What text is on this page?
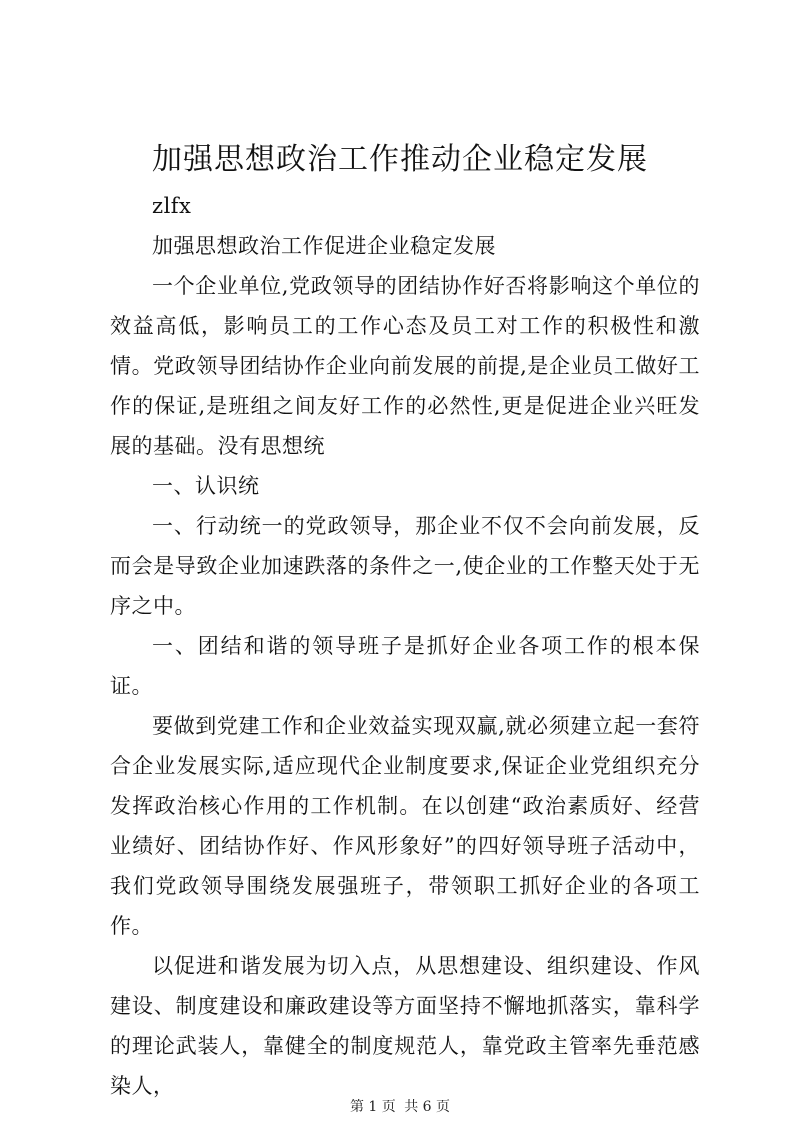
加强思想政治工作推动企业稳定发展

zlfx

加强思想政治工作促进企业稳定发展

一个企业单位,党政领导的团结协作好否将影响这个单位的效益高低，影响员工的工作心态及员工对工作的积极性和激情。党政领导团结协作企业向前发展的前提,是企业员工做好工作的保证,是班组之间友好工作的必然性,更是促进企业兴旺发展的基础。没有思想统

一、认识统

一、行动统一的党政领导，那企业不仅不会向前发展，反而会是导致企业加速跌落的条件之一,使企业的工作整天处于无序之中。

一、团结和谐的领导班子是抓好企业各项工作的根本保证。

要做到党建工作和企业效益实现双赢,就必须建立起一套符合企业发展实际,适应现代企业制度要求,保证企业党组织充分发挥政治核心作用的工作机制。在以创建“政治素质好、经营业绩好、团结协作好、作风形象好”的四好领导班子活动中，我们党政领导围绕发展强班子，带领职工抓好企业的各项工作。

以促进和谐发展为切入点，从思想建设、组织建设、作风建设、制度建设和廉政建设等方面坚持不懈地抓落实，靠科学的理论武装人，靠健全的制度规范人，靠党政主管率先垂范感染人，

第 1 页 共 6 页
